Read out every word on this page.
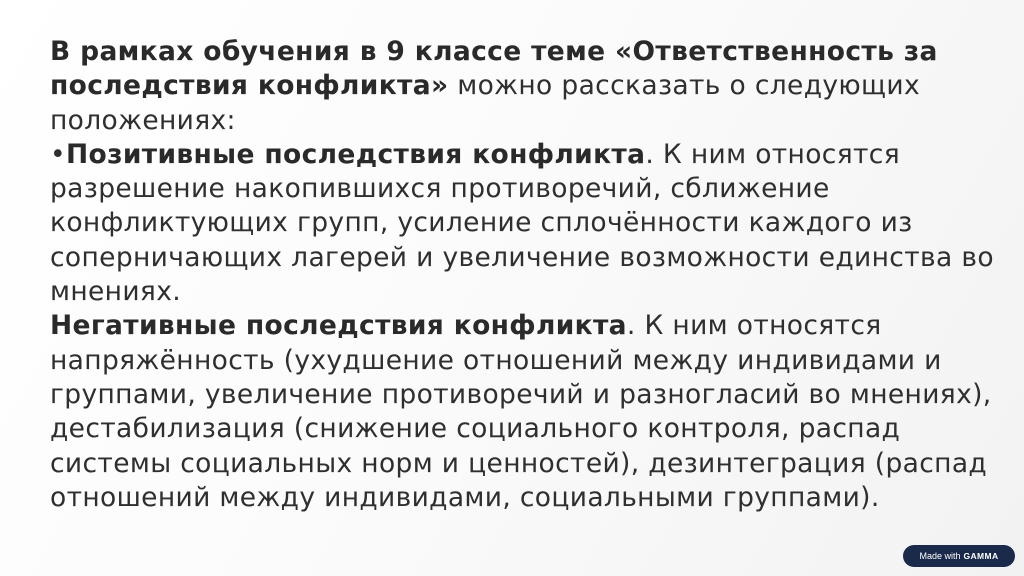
В рамках обучения в 9 классе теме «Ответственность за последствия конфликта» можно рассказать о следующих положениях:

•Позитивные последствия конфликта. К ним относятся разрешение накопившихся противоречий, сближение конфликтующих групп, усиление сплочённости каждого из соперничающих лагерей и увеличение возможности единства во мнениях.

Негативные последствия конфликта. К ним относятся напряжённость (ухудшение отношений между индивидами и группами, увеличение противоречий и разногласий во мнениях), дестабилизация (снижение социального контроля, распад системы социальных норм и ценностей), дезинтеграция (распад отношений между индивидами, социальными группами).

Made with GAMMA
